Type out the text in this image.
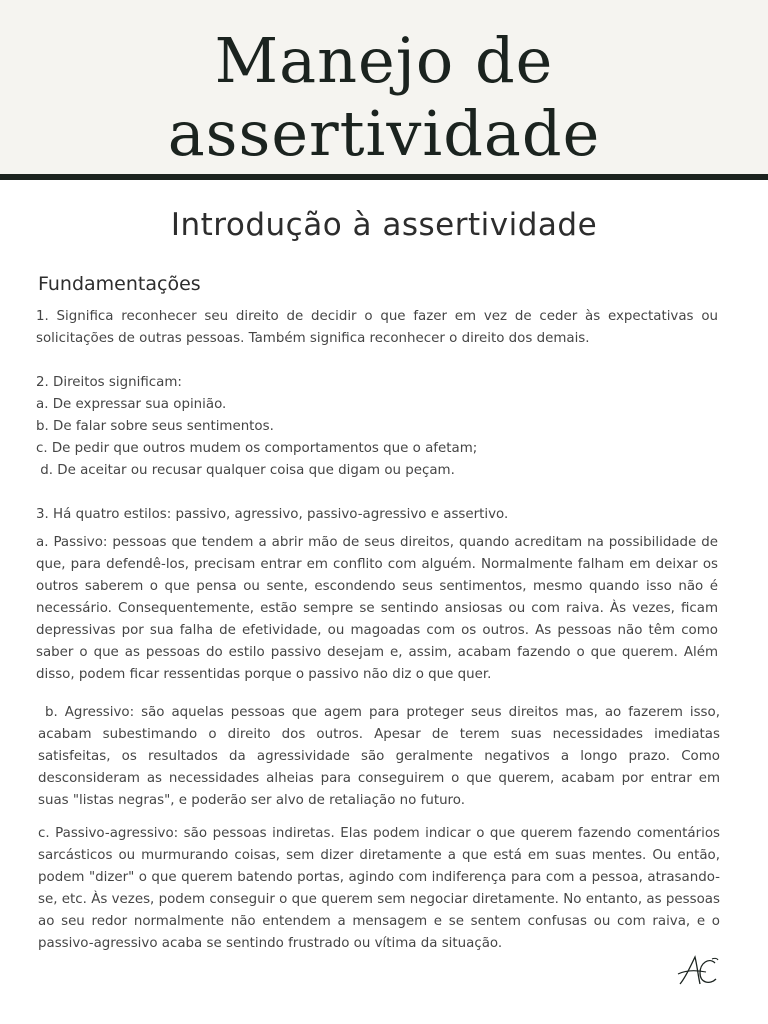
Manejo de
assertividade
Introdução à assertividade
Fundamentações
1. Significa reconhecer seu direito de decidir o que fazer em vez de ceder às expectativas ou solicitações de outras pessoas. Também significa reconhecer o direito dos demais.
2. Direitos significam:
a. De expressar sua opinião.
b. De falar sobre seus sentimentos.
c. De pedir que outros mudem os comportamentos que o afetam;
d. De aceitar ou recusar qualquer coisa que digam ou peçam.
3. Há quatro estilos: passivo, agressivo, passivo-agressivo e assertivo.
a. Passivo: pessoas que tendem a abrir mão de seus direitos, quando acreditam na possibilidade de que, para defendê-los, precisam entrar em conflito com alguém. Normalmente falham em deixar os outros saberem o que pensa ou sente, escondendo seus sentimentos, mesmo quando isso não é necessário. Consequentemente, estão sempre se sentindo ansiosas ou com raiva. Às vezes, ficam depressivas por sua falha de efetividade, ou magoadas com os outros. As pessoas não têm como saber o que as pessoas do estilo passivo desejam e, assim, acabam fazendo o que querem. Além disso, podem ficar ressentidas porque o passivo não diz o que quer.
b. Agressivo: são aquelas pessoas que agem para proteger seus direitos mas, ao fazerem isso, acabam subestimando o direito dos outros. Apesar de terem suas necessidades imediatas satisfeitas, os resultados da agressividade são geralmente negativos a longo prazo. Como desconsideram as necessidades alheias para conseguirem o que querem, acabam por entrar em suas "listas negras", e poderão ser alvo de retaliação no futuro.
c. Passivo-agressivo: são pessoas indiretas. Elas podem indicar o que querem fazendo comentários sarcásticos ou murmurando coisas, sem dizer diretamente a que está em suas mentes. Ou então, podem "dizer" o que querem batendo portas, agindo com indiferença para com a pessoa, atrasando-se, etc. Às vezes, podem conseguir o que querem sem negociar diretamente. No entanto, as pessoas ao seu redor normalmente não entendem a mensagem e se sentem confusas ou com raiva, e o passivo-agressivo acaba se sentindo frustrado ou vítima da situação.
